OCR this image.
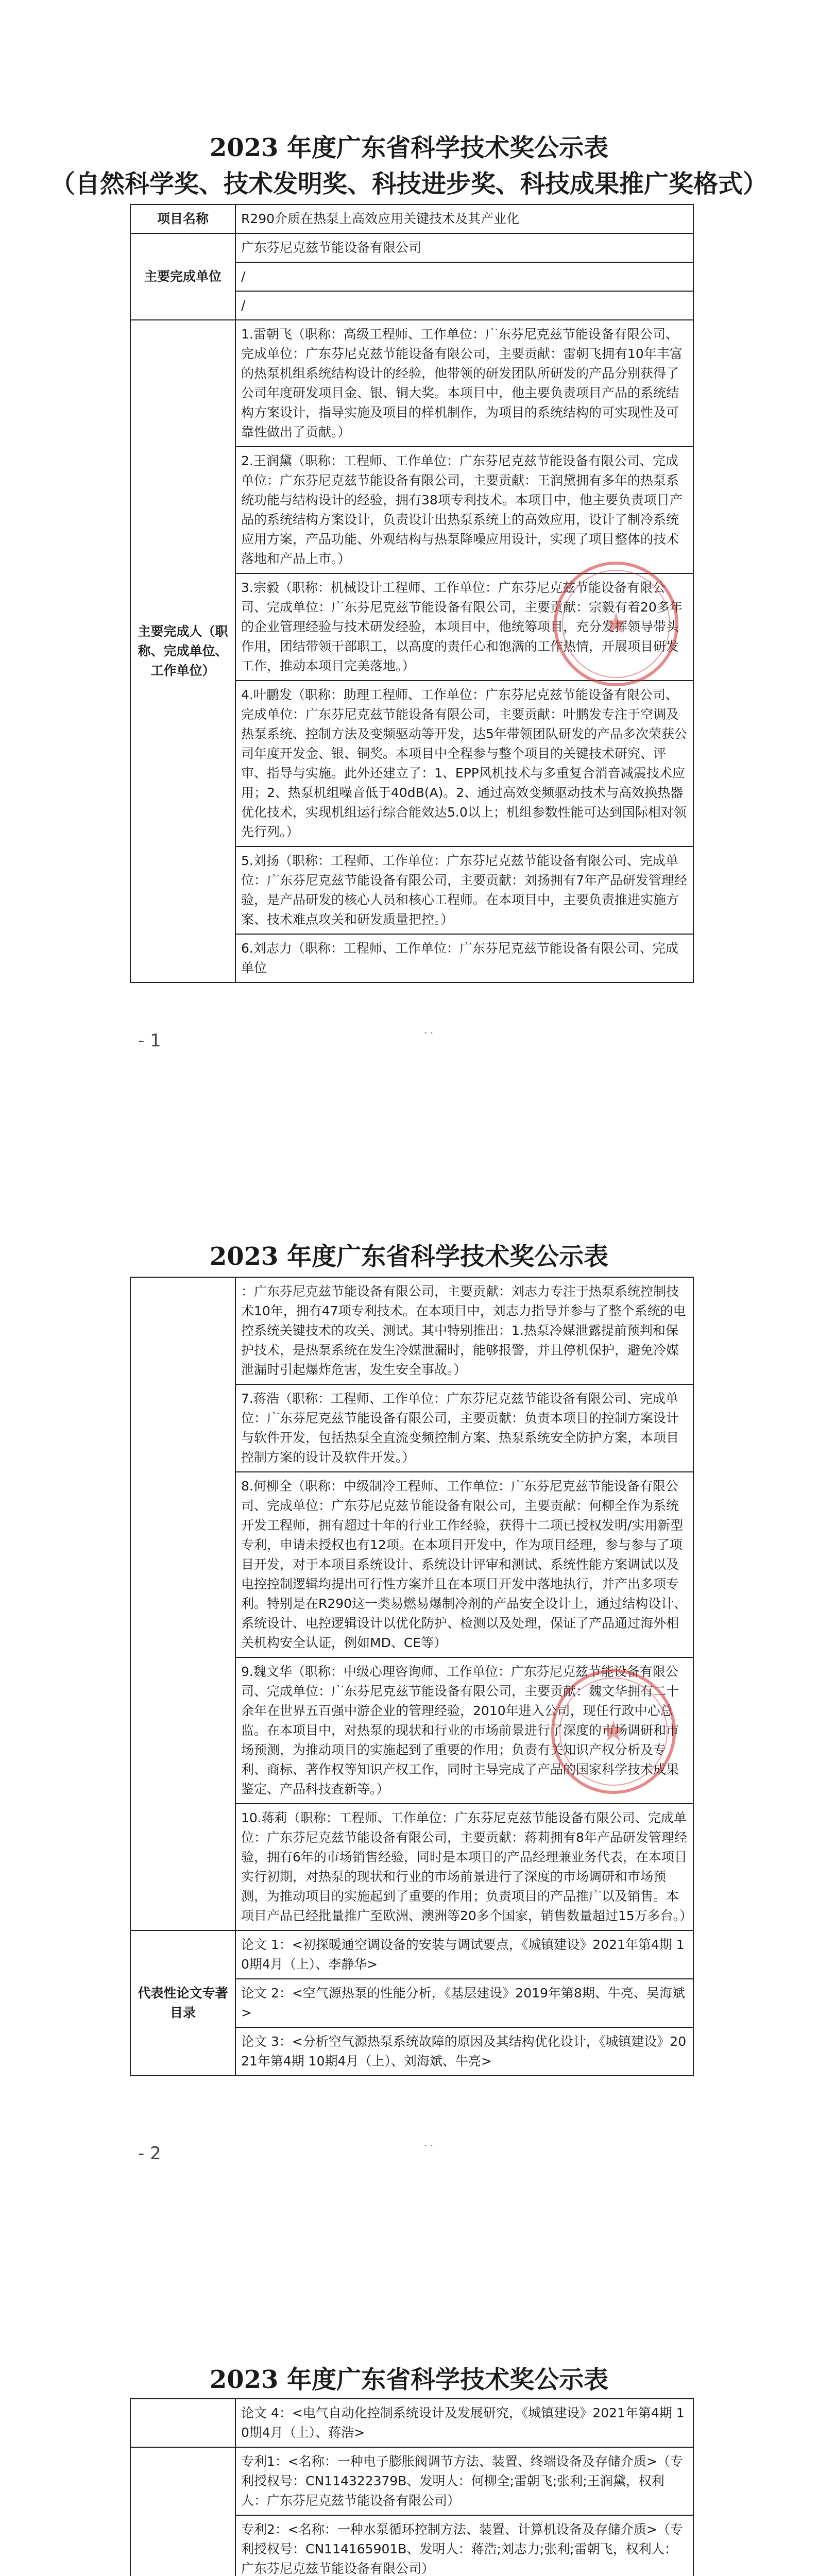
2023 年度广东省科学技术奖公示表
（自然科学奖、技术发明奖、科技进步奖、科技成果推广奖格式）
项目名称	R290介质在热泵上高效应用关键技术及其产业化
主要完成单位	广东芬尼克兹节能设备有限公司
	/
	/
主要完成人（职称、完成单位、工作单位）	1.雷朝飞（职称：高级工程师、工作单位：广东芬尼克兹节能设备有限公司、完成单位：广东芬尼克兹节能设备有限公司，主要贡献：雷朝飞拥有10年丰富的热泵机组系统结构设计的经验，他带领的研发团队所研发的产品分别获得了公司年度研发项目金、银、铜大奖。本项目中，他主要负责项目产品的系统结构方案设计，指导实施及项目的样机制作，为项目的系统结构的可实现性及可靠性做出了贡献。）
	2.王润黛（职称：工程师、工作单位：广东芬尼克兹节能设备有限公司、完成单位：广东芬尼克兹节能设备有限公司，主要贡献：王润黛拥有多年的热泵系统功能与结构设计的经验，拥有38项专利技术。本项目中，他主要负责项目产品的系统结构方案设计，负责设计出热泵系统上的高效应用，设计了制冷系统应用方案，产品功能、外观结构与热泵降噪应用设计，实现了项目整体的技术落地和产品上市。）
	3.宗毅（职称：机械设计工程师、工作单位：广东芬尼克兹节能设备有限公司、完成单位：广东芬尼克兹节能设备有限公司，主要贡献：宗毅有着20多年的企业管理经验与技术研发经验，本项目中，他统筹项目，充分发挥领导带头作用，团结带领干部职工，以高度的责任心和饱满的工作热情，开展项目研发工作，推动本项目完美落地。）
	4.叶鹏发（职称：助理工程师、工作单位：广东芬尼克兹节能设备有限公司、完成单位：广东芬尼克兹节能设备有限公司，主要贡献：叶鹏发专注于空调及热泵系统、控制方法及变频驱动等开发，达5年带领团队研发的产品多次荣获公司年度开发金、银、铜奖。本项目中全程参与整个项目的关键技术研究、评审、指导与实施。此外还建立了：1、EPP风机技术与多重复合消音减震技术应用；2、热泵机组噪音低于40dB(A)。2、通过高效变频驱动技术与高效换热器优化技术，实现机组运行综合能效达5.0以上；机组参数性能可达到国际相对领先行列。）
	5.刘扬（职称：工程师、工作单位：广东芬尼克兹节能设备有限公司、完成单位：广东芬尼克兹节能设备有限公司，主要贡献：刘扬拥有7年产品研发管理经验，是产品研发的核心人员和核心工程师。在本项目中，主要负责推进实施方案、技术难点攻关和研发质量把控。）
	6.刘志力（职称：工程师、工作单位：广东芬尼克兹节能设备有限公司、完成单位
- 1	˙˙
2023 年度广东省科学技术奖公示表
	：广东芬尼克兹节能设备有限公司，主要贡献：刘志力专注于热泵系统控制技术10年，拥有47项专利技术。在本项目中，刘志力指导并参与了整个系统的电控系统关键技术的攻关、测试。其中特别推出：1.热泵冷媒泄露提前预判和保护技术，是热泵系统在发生冷媒泄漏时，能够报警，并且停机保护，避免冷媒泄漏时引起爆炸危害，发生安全事故。）
	7.蒋浩（职称：工程师、工作单位：广东芬尼克兹节能设备有限公司、完成单位：广东芬尼克兹节能设备有限公司，主要贡献：负责本项目的控制方案设计与软件开发，包括热泵全直流变频控制方案、热泵系统安全防护方案，本项目控制方案的设计及软件开发。）
	8.何柳全（职称：中级制冷工程师、工作单位：广东芬尼克兹节能设备有限公司、完成单位：广东芬尼克兹节能设备有限公司，主要贡献：何柳全作为系统开发工程师，拥有超过十年的行业工作经验，获得十二项已授权发明/实用新型专利，申请未授权也有12项。在本项目开发中，作为项目经理，参与参与了项目开发，对于本项目系统设计、系统设计评审和测试、系统性能方案调试以及电控控制逻辑均提出可行性方案并且在本项目开发中落地执行，并产出多项专利。特别是在R290这一类易燃易爆制冷剂的产品安全设计上，通过结构设计、系统设计、电控逻辑设计以优化防护、检测以及处理，保证了产品通过海外相关机构安全认证，例如MD、CE等）
	9.魏文华（职称：中级心理咨询师、工作单位：广东芬尼克兹节能设备有限公司、完成单位：广东芬尼克兹节能设备有限公司，主要贡献：魏文华拥有二十余年在世界五百强中游企业的管理经验，2010年进入公司，现任行政中心总监。在本项目中，对热泵的现状和行业的市场前景进行了深度的市场调研和市场预测，为推动项目的实施起到了重要的作用；负责有关知识产权分析及专利、商标、著作权等知识产权工作，同时主导完成了产品的国家科学技术成果鉴定、产品科技查新等。）
	10.蒋莉（职称：工程师、工作单位：广东芬尼克兹节能设备有限公司、完成单位：广东芬尼克兹节能设备有限公司，主要贡献：蒋莉拥有8年产品研发管理经验，拥有6年的市场销售经验，同时是本项目的产品经理兼业务代表，在本项目实行初期，对热泵的现状和行业的市场前景进行了深度的市场调研和市场预测，为推动项目的实施起到了重要的作用；负责项目的产品推广以及销售。本项目产品已经批量推广至欧洲、澳洲等20多个国家，销售数量超过15万多台。）
代表性论文专著目录	论文 1：<初探暖通空调设备的安装与调试要点，《城镇建设》2021年第4期 10期4月（上）、李静华>
	论文 2：<空气源热泵的性能分析，《基层建设》2019年第8期、牛亮、吴海斌>
	论文 3：<分析空气源热泵系统故障的原因及其结构优化设计，《城镇建设》2021年第4期 10期4月（上）、刘海斌、牛亮>
- 2	˙˙
2023 年度广东省科学技术奖公示表
	论文 4：<电气自动化控制系统设计及发展研究，《城镇建设》2021年第4期 10期4月（上）、蒋浩>
	专利1：<名称：一种电子膨胀阀调节方法、装置、终端设备及存储介质>（专利授权号：CN114322379B、发明人：何柳全;雷朝飞;张利;王润黛，权利人：广东芬尼克兹节能设备有限公司）
	专利2：<名称：一种水泵循环控制方法、装置、计算机设备及存储介质>（专利授权号：CN114165901B、发明人：蒋浩;刘志力;张利;雷朝飞，权利人：广东芬尼克兹节能设备有限公司）
